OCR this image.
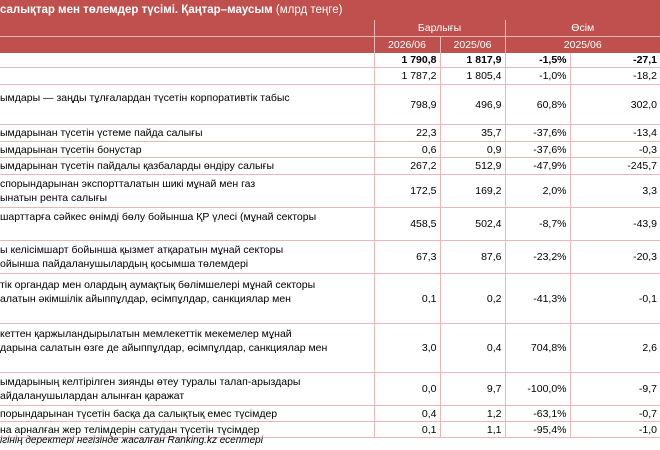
салықтар мен төлемдер түсімі. Қаңтар–маусым (млрд теңге)
	Барлығы		Өсім	
	2026/06	2025/06	2025/06	

	1 790,8	1 817,9	-1,5%	-27,1

	1 787,2	1 805,4	-1,0%	-18,2

ымдары — заңды тұлғалардан түсетін корпоративтік табыс	798,9	496,9	60,8%	302,0

ымдарынан түсетін үстеме пайда салығы	22,3	35,7	-37,6%	-13,4

ымдарынан түсетін бонустар	0,6	0,9	-37,6%	-0,3

ымдарынан түсетін пайдалы қазбаларды өндіру салығы	267,2	512,9	-47,9%	-245,7

спорындарынан экспортталатын шикі мұнай мен газ
ынатын рента салығы	172,5	169,2	2,0%	3,3

шарттарға сәйкес өнімді бөлу бойынша ҚР үлесі (мұнай секторы	458,5	502,4	-8,7%	-43,9

ы келісімшарт бойынша қызмет атқаратын мұнай секторы
ойынша пайдаланушылардың қосымша төлемдері	67,3	87,6	-23,2%	-20,3

тік органдар мен олардың аумақтық бөлімшелері мұнай секторы
алатын әкімшілік айыппұлдар, өсімпұлдар, санкциялар мен	0,1	0,2	-41,3%	-0,1

кеттен қаржыландырылатын мемлекеттік мекемелер мұнай
дарына салатын өзге де айыппұлдар, өсімпұлдар, санкциялар мен	3,0	0,4	704,8%	2,6

ымдарының келтірілген зиянды өтеу туралы талап-арыздары
айдаланушылардан алынған қаражат	0,0	9,7	-100,0%	-9,7

порындарынан түсетін басқа да салықтық емес түсімдер	0,4	1,2	-63,1%	-0,7

на арналған жер телімдерін сатудан түсетін түсімдер	0,1	1,1	-95,4%	-1,0
ігінің деректері негізінде жасалған Ranking.kz есептері
